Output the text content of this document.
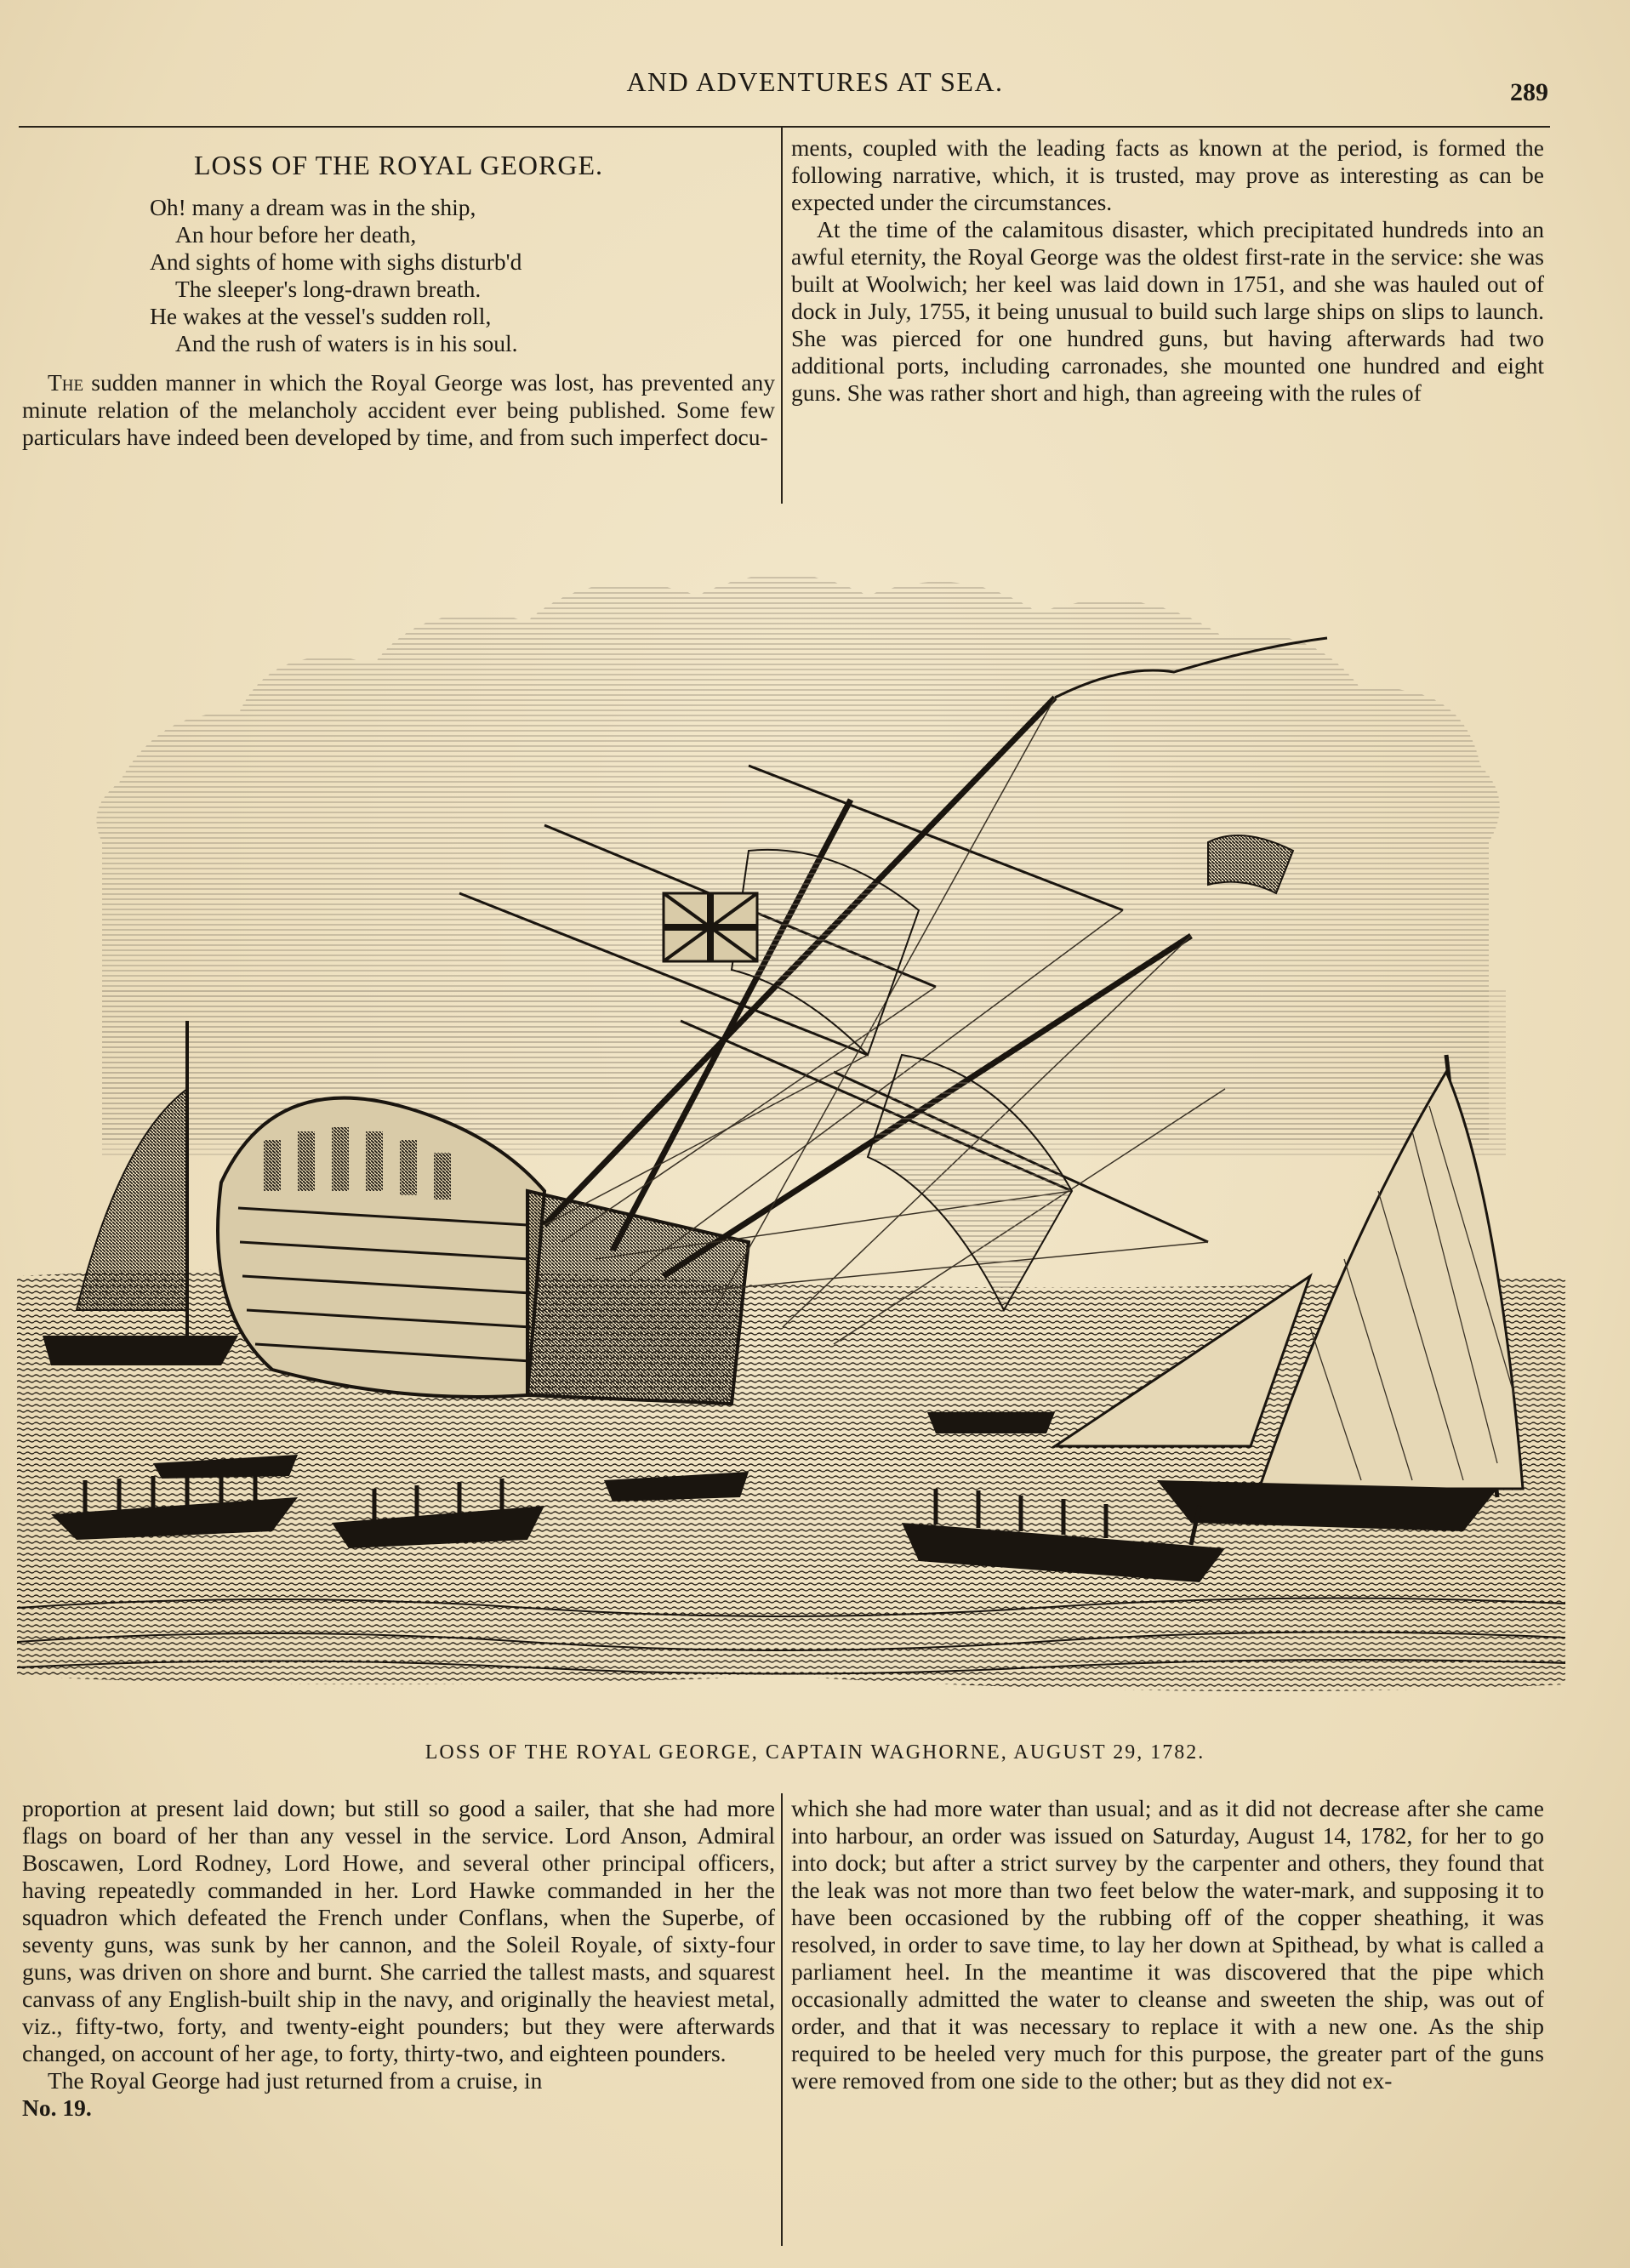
AND ADVENTURES AT SEA.	289

LOSS OF THE ROYAL GEORGE.

Oh! many a dream was in the ship,
An hour before her death,
And sights of home with sighs disturb'd
The sleeper's long-drawn breath.
He wakes at the vessel's sudden roll,
And the rush of waters is in his soul.

The sudden manner in which the Royal George was lost, has prevented any minute relation of the melancholy accident ever being published. Some few particulars have indeed been developed by time, and from such imperfect docu-

ments, coupled with the leading facts as known at the period, is formed the following narrative, which, it is trusted, may prove as interesting as can be expected under the circumstances.

At the time of the calamitous disaster, which precipitated hundreds into an awful eternity, the Royal George was the oldest first-rate in the service: she was built at Woolwich; her keel was laid down in 1751, and she was hauled out of dock in July, 1755, it being unusual to build such large ships on slips to launch. She was pierced for one hundred guns, but having afterwards had two additional ports, including carronades, she mounted one hundred and eight guns. She was rather short and high, than agreeing with the rules of

LOSS OF THE ROYAL GEORGE, CAPTAIN WAGHORNE, AUGUST 29, 1782.

proportion at present laid down; but still so good a sailer, that she had more flags on board of her than any vessel in the service. Lord Anson, Admiral Boscawen, Lord Rodney, Lord Howe, and several other principal officers, having repeatedly commanded in her. Lord Hawke commanded in her the squadron which defeated the French under Conflans, when the Superbe, of seventy guns, was sunk by her cannon, and the Soleil Royale, of sixty-four guns, was driven on shore and burnt. She carried the tallest masts, and squarest canvass of any English-built ship in the navy, and originally the heaviest metal, viz., fifty-two, forty, and twenty-eight pounders; but they were afterwards changed, on account of her age, to forty, thirty-two, and eighteen pounders.

The Royal George had just returned from a cruise, in

No. 19.

which she had more water than usual; and as it did not decrease after she came into harbour, an order was issued on Saturday, August 14, 1782, for her to go into dock; but after a strict survey by the carpenter and others, they found that the leak was not more than two feet below the water-mark, and supposing it to have been occasioned by the rubbing off of the copper sheathing, it was resolved, in order to save time, to lay her down at Spithead, by what is called a parliament heel. In the meantime it was discovered that the pipe which occasionally admitted the water to cleanse and sweeten the ship, was out of order, and that it was necessary to replace it with a new one. As the ship required to be heeled very much for this purpose, the greater part of the guns were removed from one side to the other; but as they did not ex-
